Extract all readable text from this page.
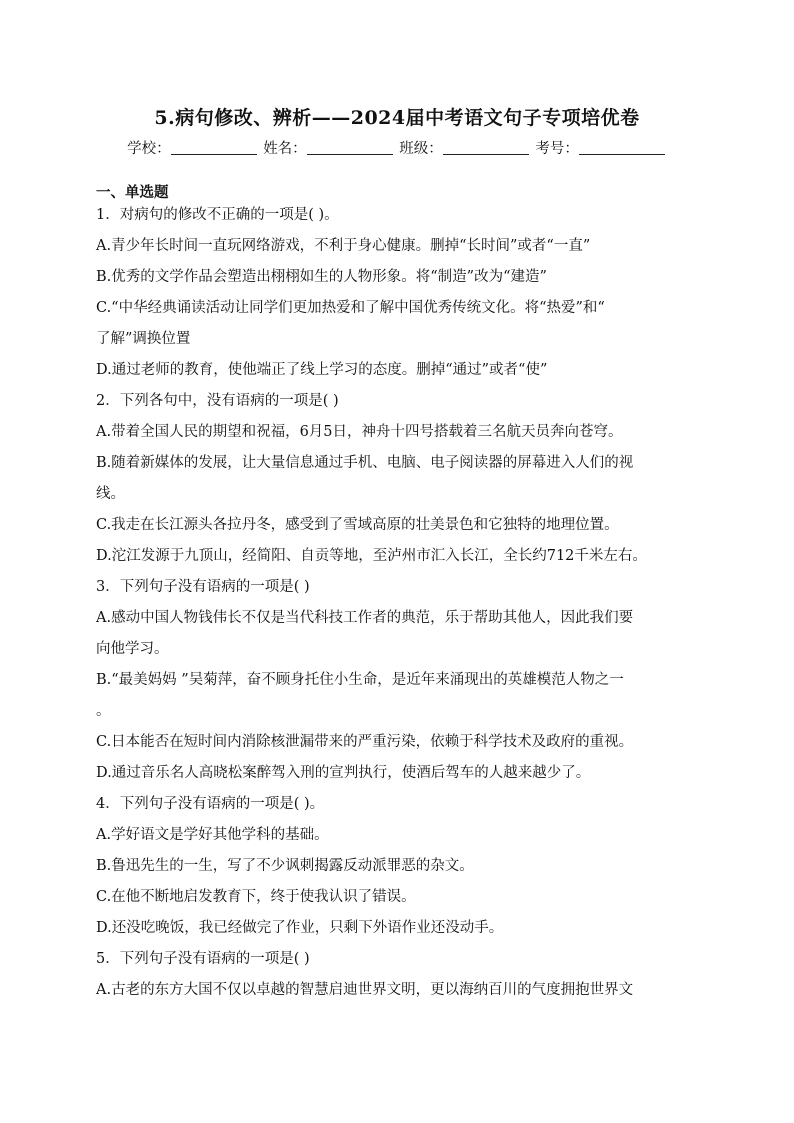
5.病句修改、辨析——2024届中考语文句子专项培优卷
学校：	姓名：	班级：	考号：
一、单选题
1．对病句的修改不正确的一项是( )。
A.青少年长时间一直玩网络游戏，不利于身心健康。删掉“长时间”或者“一直”
B.优秀的文学作品会塑造出栩栩如生的人物形象。将“制造”改为“建造”
C.“中华经典诵读活动让同学们更加热爱和了解中国优秀传统文化。将“热爱”和“
了解”调换位置
D.通过老师的教育，使他端正了线上学习的态度。删掉“通过”或者“使”
2．下列各句中，没有语病的一项是( )
A.带着全国人民的期望和祝福，6月5日，神舟十四号搭载着三名航天员奔向苍穹。
B.随着新媒体的发展，让大量信息通过手机、电脑、电子阅读器的屏幕进入人们的视
线。
C.我走在长江源头各拉丹冬，感受到了雪域高原的壮美景色和它独特的地理位置。
D.沱江发源于九顶山，经简阳、自贡等地，至泸州市汇入长江，全长约712千米左右。
3．下列句子没有语病的一项是( )
A.感动中国人物钱伟长不仅是当代科技工作者的典范，乐于帮助其他人，因此我们要
向他学习。
B.“最美妈妈 ”吴菊萍，奋不顾身托住小生命，是近年来涌现出的英雄模范人物之一
。
C.日本能否在短时间内消除核泄漏带来的严重污染，依赖于科学技术及政府的重视。
D.通过音乐名人高晓松案醉驾入刑的宣判执行，使酒后驾车的人越来越少了。
4．下列句子没有语病的一项是( )。
A.学好语文是学好其他学科的基础。
B.鲁迅先生的一生，写了不少讽刺揭露反动派罪恶的杂文。
C.在他不断地启发教育下，终于使我认识了错误。
D.还没吃晚饭，我已经做完了作业，只剩下外语作业还没动手。
5．下列句子没有语病的一项是( )
A.古老的东方大国不仅以卓越的智慧启迪世界文明，更以海纳百川的气度拥抱世界文
